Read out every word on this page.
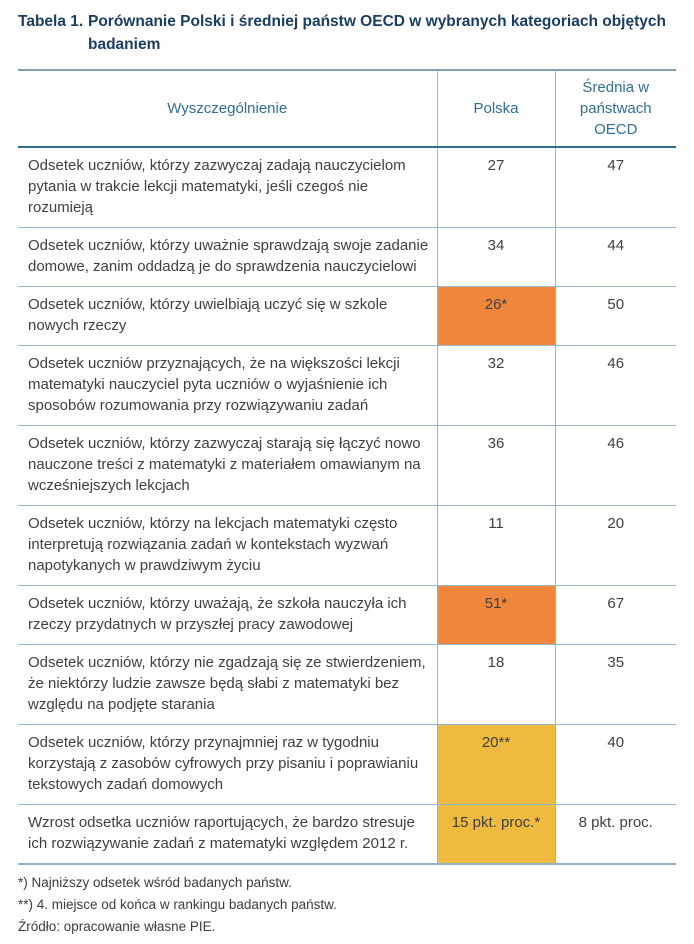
Tabela 1. Porównanie Polski i średniej państw OECD w wybranych kategoriach objętych badaniem
Wyszczególnienie	Polska	Średnia w państwach OECD
Odsetek uczniów, którzy zazwyczaj zadają nauczycielom pytania w trakcie lekcji matematyki, jeśli czegoś nie rozumieją	27	47
Odsetek uczniów, którzy uważnie sprawdzają swoje zadanie domowe, zanim oddadzą je do sprawdzenia nauczycielowi	34	44
Odsetek uczniów, którzy uwielbiają uczyć się w szkole nowych rzeczy	26*	50
Odsetek uczniów przyznających, że na większości lekcji matematyki nauczyciel pyta uczniów o wyjaśnienie ich sposobów rozumowania przy rozwiązywaniu zadań	32	46
Odsetek uczniów, którzy zazwyczaj starają się łączyć nowo nauczone treści z matematyki z materiałem omawianym na wcześniejszych lekcjach	36	46
Odsetek uczniów, którzy na lekcjach matematyki często interpretują rozwiązania zadań w kontekstach wyzwań napotykanych w prawdziwym życiu	11	20
Odsetek uczniów, którzy uważają, że szkoła nauczyła ich rzeczy przydatnych w przyszłej pracy zawodowej	51*	67
Odsetek uczniów, którzy nie zgadzają się ze stwierdzeniem, że niektórzy ludzie zawsze będą słabi z matematyki bez względu na podjęte starania	18	35
Odsetek uczniów, którzy przynajmniej raz w tygodniu korzystają z zasobów cyfrowych przy pisaniu i poprawianiu tekstowych zadań domowych	20**	40
Wzrost odsetka uczniów raportujących, że bardzo stresuje ich rozwiązywanie zadań z matematyki względem 2012 r.	15 pkt. proc.*	8 pkt. proc.
*) Najniższy odsetek wśród badanych państw.
**) 4. miejsce od końca w rankingu badanych państw.
Źródło: opracowanie własne PIE.
